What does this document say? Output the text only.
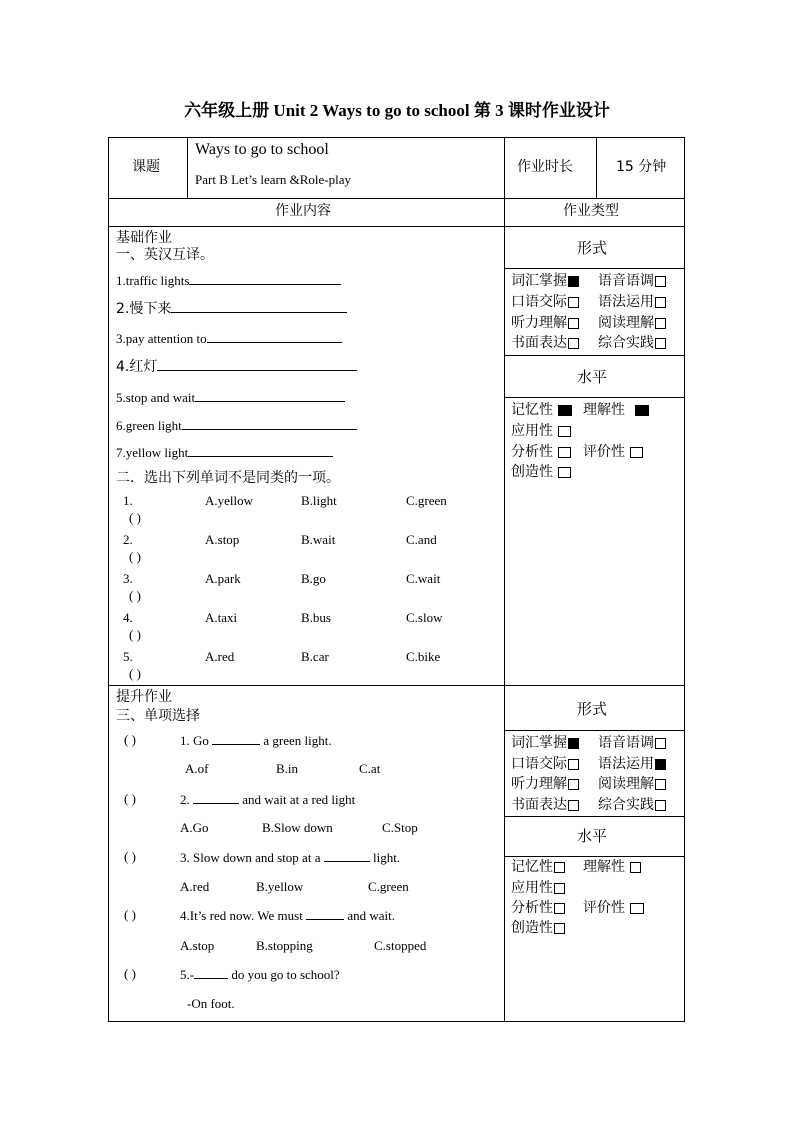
六年级上册 Unit 2 Ways to go to school 第 3 课时作业设计
课题
Ways to go to school
Part B Let’s learn &Role-play
作业时长	15 分钟
作业内容	作业类型
基础作业
一、英汉互译。
1.traffic lights
2.慢下来
3.pay attention to
4.红灯
5.stop and wait
6.green light
7.yellow light
二．选出下列单词不是同类的一项。
1.	A.yellow	B.light	C.green
( )
2.	A.stop	B.wait	C.and
( )
3.	A.park	B.go	C.wait
( )
4.	A.taxi	B.bus	C.slow
( )
5.	A.red	B.car	C.bike
( )
形式
词汇掌握	语音语调
口语交际	语法运用
听力理解	阅读理解
书面表达	综合实践
水平
记忆性	理解性
应用性
分析性	评价性
创造性
提升作业
三、单项选择
( )	1. Go	a green light.
A.of	B.in	C.at
( )	2.	and wait at a red light
A.Go	B.Slow down	C.Stop
( )	3. Slow down and stop at a	light.
A.red	B.yellow	C.green
( )	4.It’s red now. We must	and wait.
A.stop	B.stopping	C.stopped
( )	5.-	do you go to school?
-On foot.
形式
词汇掌握	语音语调
口语交际	语法运用
听力理解	阅读理解
书面表达	综合实践
水平
记忆性	理解性
应用性
分析性	评价性
创造性
